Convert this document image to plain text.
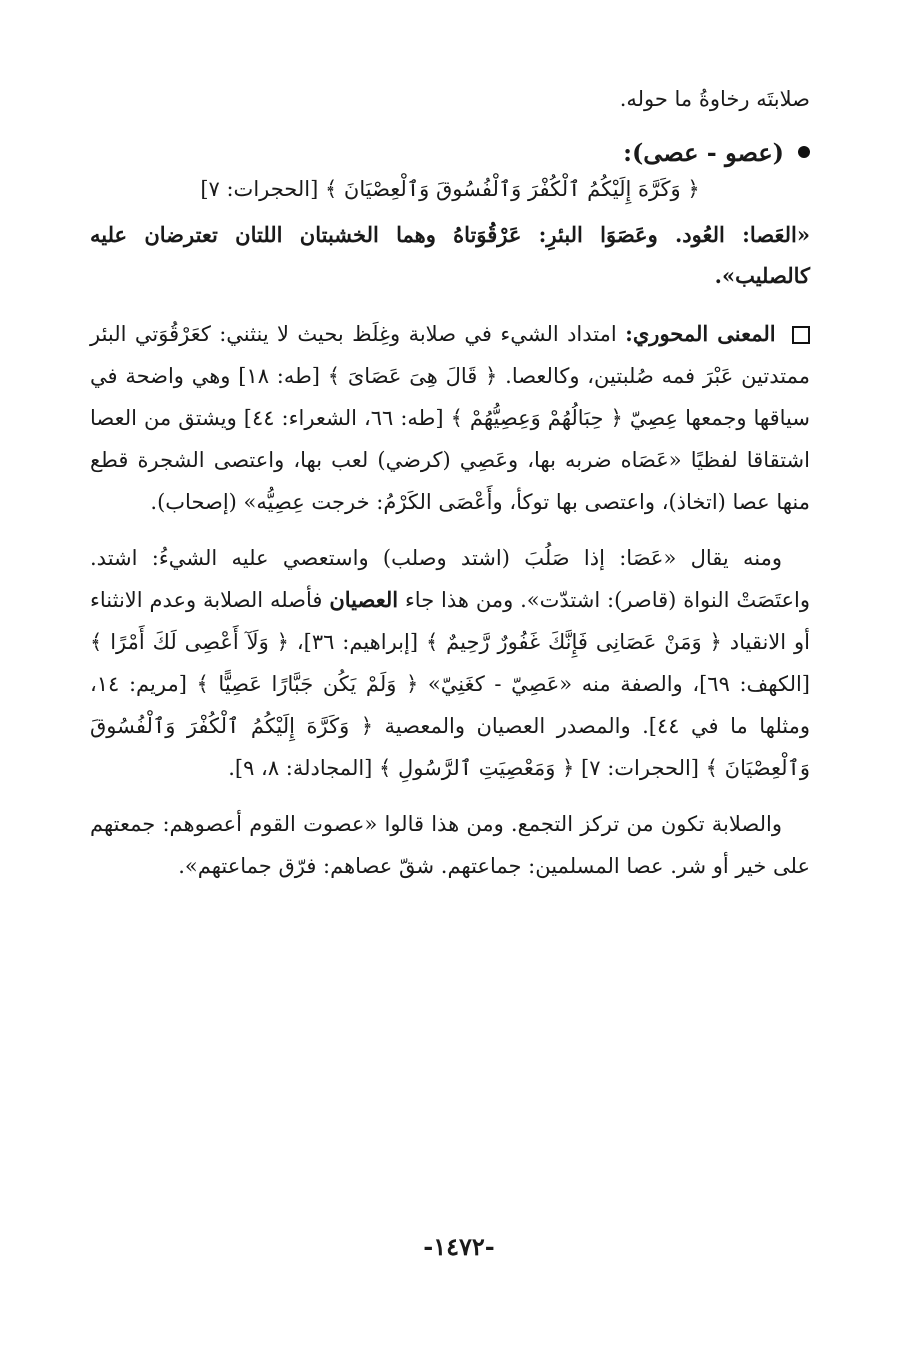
صلابتَه رخاوةُ ما حوله.

(عصو - عصى):

﴿ وَكَرَّهَ إِلَيْكُمُ ٱلْكُفْرَ وَٱلْفُسُوقَ وَٱلْعِصْيَانَ ﴾ [الحجرات: ٧]

«العَصا: العُود. وعَصَوَا البئرِ: عَرْقُوَتاهُ وهما الخشبتان اللتان تعترضان عليه كالصليب».

المعنى المحوري: امتداد الشيء في صلابة وغِلَظ بحيث لا ينثني: كعَرْقُوَتي البئر ممتدتين عَبْرَ فمه صُلبتين، وكالعصا. ﴿ قَالَ هِىَ عَصَاىَ ﴾ [طه: ١٨] وهي واضحة في سياقها وجمعها عِصِيّ ﴿ حِبَالُهُمْ وَعِصِيُّهُمْ ﴾ [طه: ٦٦، الشعراء: ٤٤] ويشتق من العصا اشتقاقا لفظيًا «عَصَاه ضربه بها، وعَصِي (كرضي) لعب بها، واعتصى الشجرة قطع منها عصا (اتخاذ)، واعتصى بها توكأ، وأَعْصَى الكَرْمُ: خرجت عِصِيُّه» (إصحاب).

ومنه يقال «عَصَا: إذا صَلُبَ (اشتد وصلب) واستعصي عليه الشيءُ: اشتد. واعتَصَتْ النواة (قاصر): اشتدّت». ومن هذا جاء العصيان فأصله الصلابة وعدم الانثناء أو الانقياد ﴿ وَمَنْ عَصَانِى فَإِنَّكَ غَفُورٌ رَّحِيمٌ ﴾ [إبراهيم: ٣٦]، ﴿ وَلَآ أَعْصِى لَكَ أَمْرًا ﴾ [الكهف: ٦٩]، والصفة منه «عَصِيّ - كغَنِيّ» ﴿ وَلَمْ يَكُن جَبَّارًا عَصِيًّا ﴾ [مريم: ١٤، ومثلها ما في ٤٤]. والمصدر العصيان والمعصية ﴿ وَكَرَّهَ إِلَيْكُمُ ٱلْكُفْرَ وَٱلْفُسُوقَ وَٱلْعِصْيَانَ ﴾ [الحجرات: ٧] ﴿ وَمَعْصِيَتِ ٱلرَّسُولِ ﴾ [المجادلة: ٨، ٩].

والصلابة تكون من تركز التجمع. ومن هذا قالوا «عصوت القوم أعصوهم: جمعتهم على خير أو شر. عصا المسلمين: جماعتهم. شقّ عصاهم: فرّق جماعتهم».

-١٤٧٢-
